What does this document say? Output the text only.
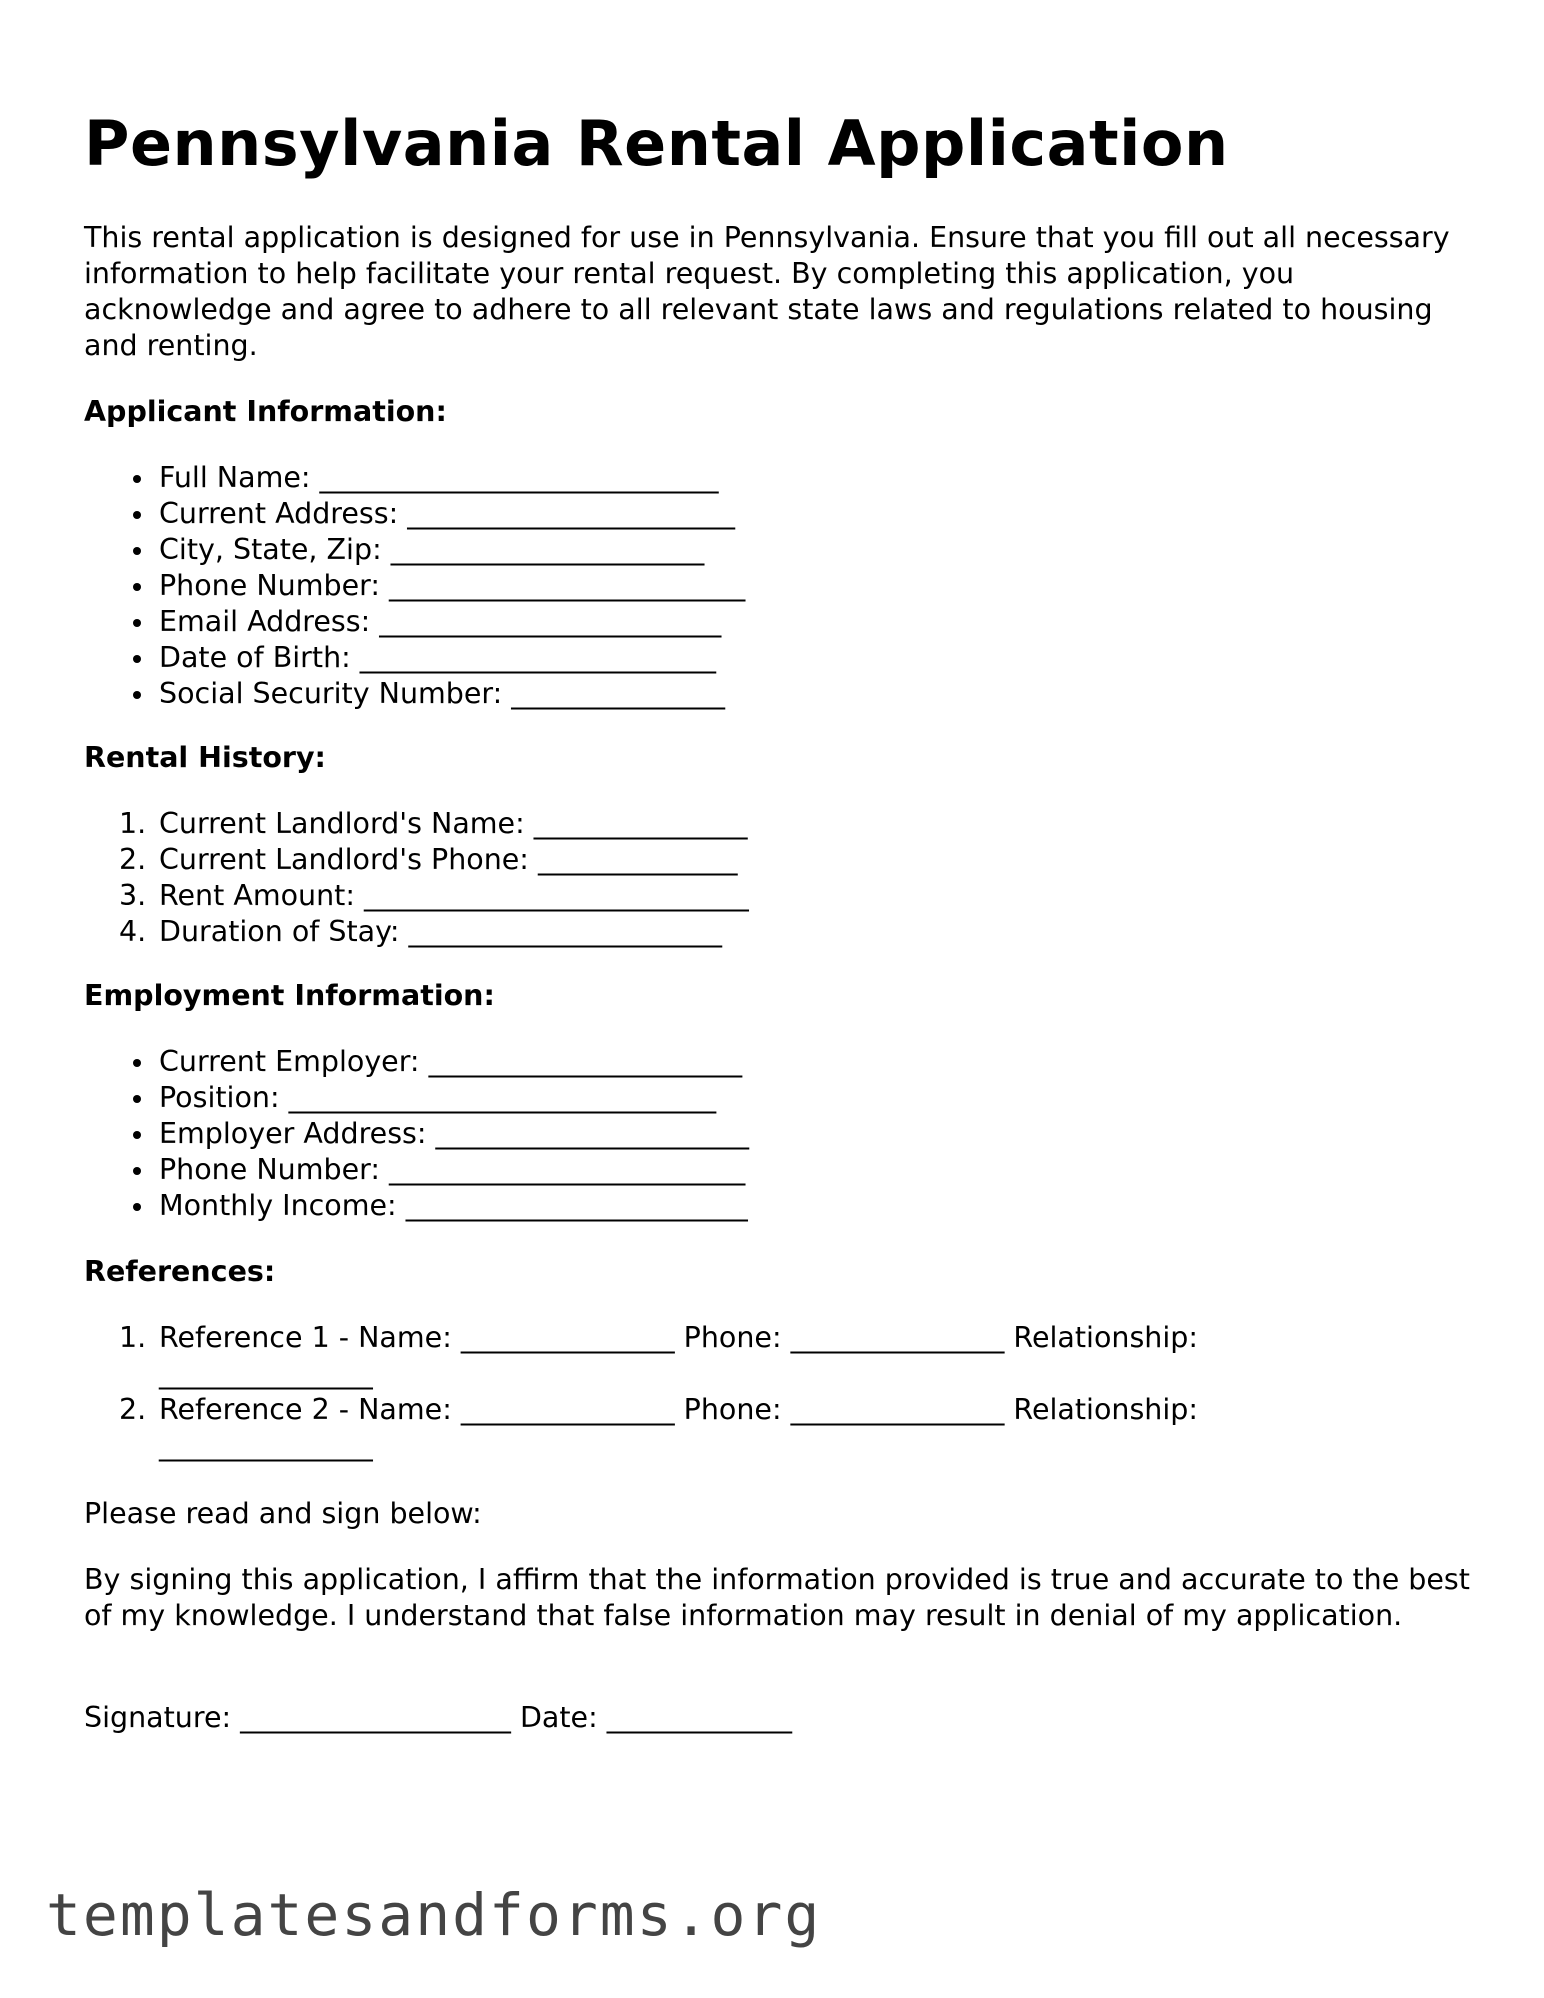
Pennsylvania Rental Application

This rental application is designed for use in Pennsylvania. Ensure that you fill out all necessary information to help facilitate your rental request. By completing this application, you acknowledge and agree to adhere to all relevant state laws and regulations related to housing and renting.

Applicant Information:

Full Name: ____________________________
Current Address: _______________________
City, State, Zip: ______________________
Phone Number: _________________________
Email Address: ________________________
Date of Birth: _________________________
Social Security Number: _______________

Rental History:

1. Current Landlord's Name: _______________
2. Current Landlord's Phone: ______________
3. Rent Amount: ___________________________
4. Duration of Stay: ______________________

Employment Information:

Current Employer: ______________________
Position: ______________________________
Employer Address: ______________________
Phone Number: _________________________
Monthly Income: ________________________

References:

1. Reference 1 - Name: _______________ Phone: _______________ Relationship: _______________
2. Reference 2 - Name: _______________ Phone: _______________ Relationship: _______________

Please read and sign below:

By signing this application, I affirm that the information provided is true and accurate to the best of my knowledge. I understand that false information may result in denial of my application.

Signature: ___________________ Date: _____________

templatesandforms.org
